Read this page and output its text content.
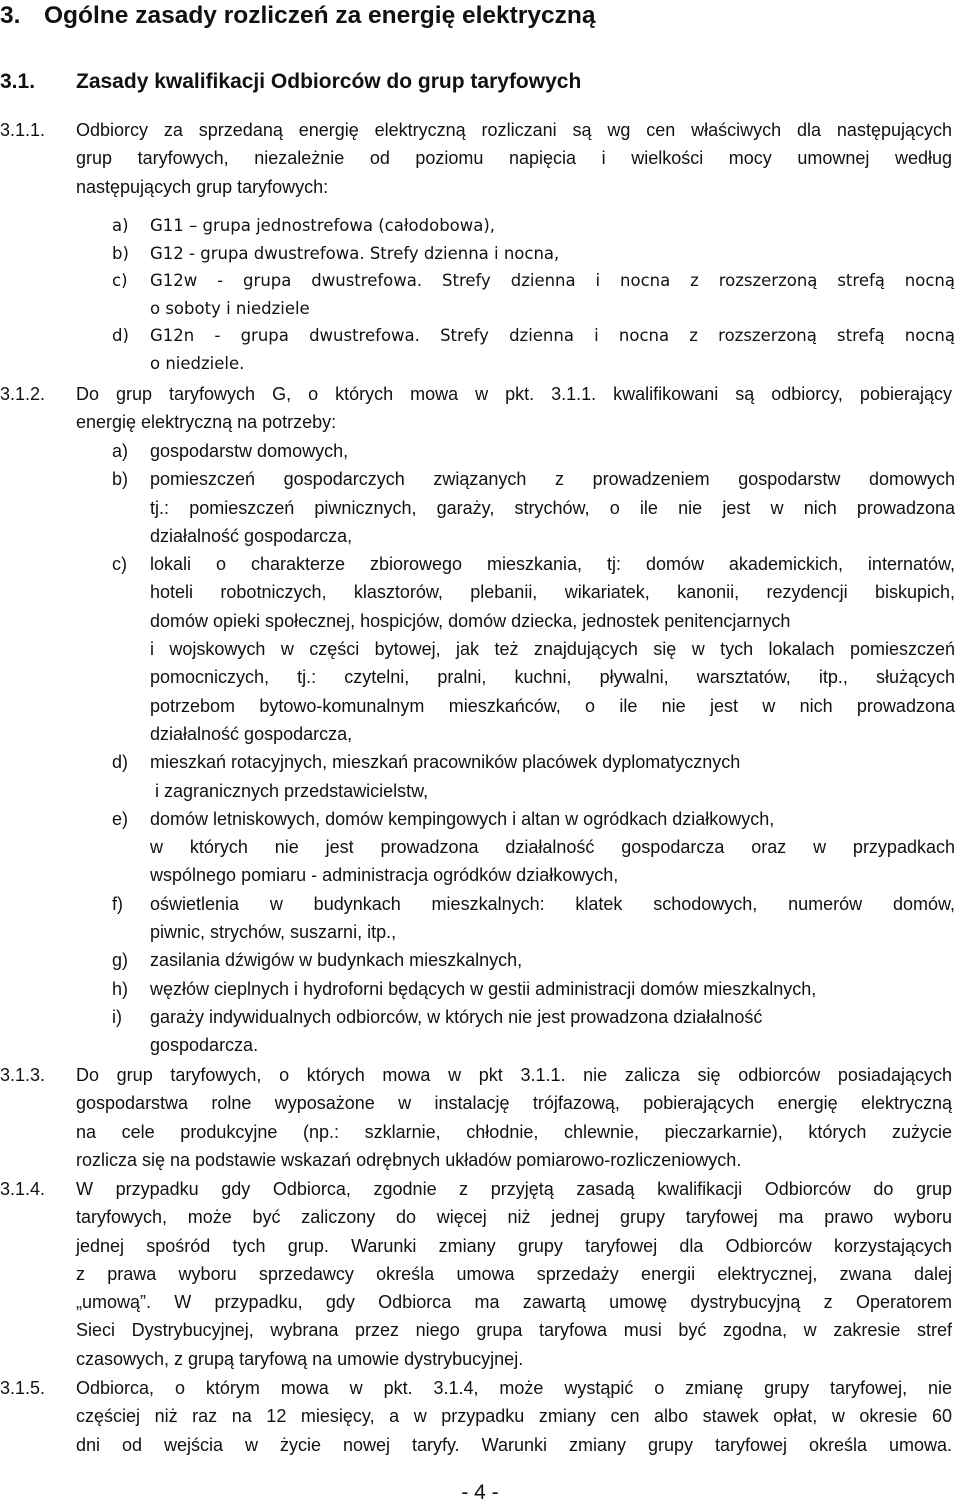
3. Ogólne zasady rozliczeń za energię elektryczną
3.1. Zasady kwalifikacji Odbiorców do grup taryfowych
3.1.1. Odbiorcy za sprzedaną energię elektryczną rozliczani są wg cen właściwych dla następujących
grup taryfowych, niezależnie od poziomu napięcia i wielkości mocy umownej według
następujących grup taryfowych:
a) G11 – grupa jednostrefowa (całodobowa),
b) G12 - grupa dwustrefowa. Strefy dzienna i nocna,
c) G12w - grupa dwustrefowa. Strefy dzienna i nocna z rozszerzoną strefą nocną
o soboty i niedziele
d) G12n - grupa dwustrefowa. Strefy dzienna i nocna z rozszerzoną strefą nocną
o niedziele.
3.1.2. Do grup taryfowych G, o których mowa w pkt. 3.1.1. kwalifikowani są odbiorcy, pobierający
energię elektryczną na potrzeby:
a) gospodarstw domowych,
b) pomieszczeń gospodarczych związanych z prowadzeniem gospodarstw domowych
tj.: pomieszczeń piwnicznych, garaży, strychów, o ile nie jest w nich prowadzona
działalność gospodarcza,
c) lokali o charakterze zbiorowego mieszkania, tj: domów akademickich, internatów,
hoteli robotniczych, klasztorów, plebanii, wikariatek, kanonii, rezydencji biskupich,
domów opieki społecznej, hospicjów, domów dziecka, jednostek penitencjarnych
i wojskowych w części bytowej, jak też znajdujących się w tych lokalach pomieszczeń
pomocniczych, tj.: czytelni, pralni, kuchni, pływalni, warsztatów, itp., służących
potrzebom bytowo-komunalnym mieszkańców, o ile nie jest w nich prowadzona
działalność gospodarcza,
d) mieszkań rotacyjnych, mieszkań pracowników placówek dyplomatycznych
i zagranicznych przedstawicielstw,
e) domów letniskowych, domów kempingowych i altan w ogródkach działkowych,
w których nie jest prowadzona działalność gospodarcza oraz w przypadkach
wspólnego pomiaru - administracja ogródków działkowych,
f) oświetlenia w budynkach mieszkalnych: klatek schodowych, numerów domów,
piwnic, strychów, suszarni, itp.,
g) zasilania dźwigów w budynkach mieszkalnych,
h) węzłów cieplnych i hydroforni będących w gestii administracji domów mieszkalnych,
i) garaży indywidualnych odbiorców, w których nie jest prowadzona działalność
gospodarcza.
3.1.3. Do grup taryfowych, o których mowa w pkt 3.1.1. nie zalicza się odbiorców posiadających
gospodarstwa rolne wyposażone w instalację trójfazową, pobierających energię elektryczną
na cele produkcyjne (np.: szklarnie, chłodnie, chlewnie, pieczarkarnie), których zużycie
rozlicza się na podstawie wskazań odrębnych układów pomiarowo-rozliczeniowych.
3.1.4. W przypadku gdy Odbiorca, zgodnie z przyjętą zasadą kwalifikacji Odbiorców do grup
taryfowych, może być zaliczony do więcej niż jednej grupy taryfowej ma prawo wyboru
jednej spośród tych grup. Warunki zmiany grupy taryfowej dla Odbiorców korzystających
z prawa wyboru sprzedawcy określa umowa sprzedaży energii elektrycznej, zwana dalej
„umową”. W przypadku, gdy Odbiorca ma zawartą umowę dystrybucyjną z Operatorem
Sieci Dystrybucyjnej, wybrana przez niego grupa taryfowa musi być zgodna, w zakresie stref
czasowych, z grupą taryfową na umowie dystrybucyjnej.
3.1.5. Odbiorca, o którym mowa w pkt. 3.1.4, może wystąpić o zmianę grupy taryfowej, nie
częściej niż raz na 12 miesięcy, a w przypadku zmiany cen albo stawek opłat, w okresie 60
dni od wejścia w życie nowej taryfy. Warunki zmiany grupy taryfowej określa umowa.
- 4 -
